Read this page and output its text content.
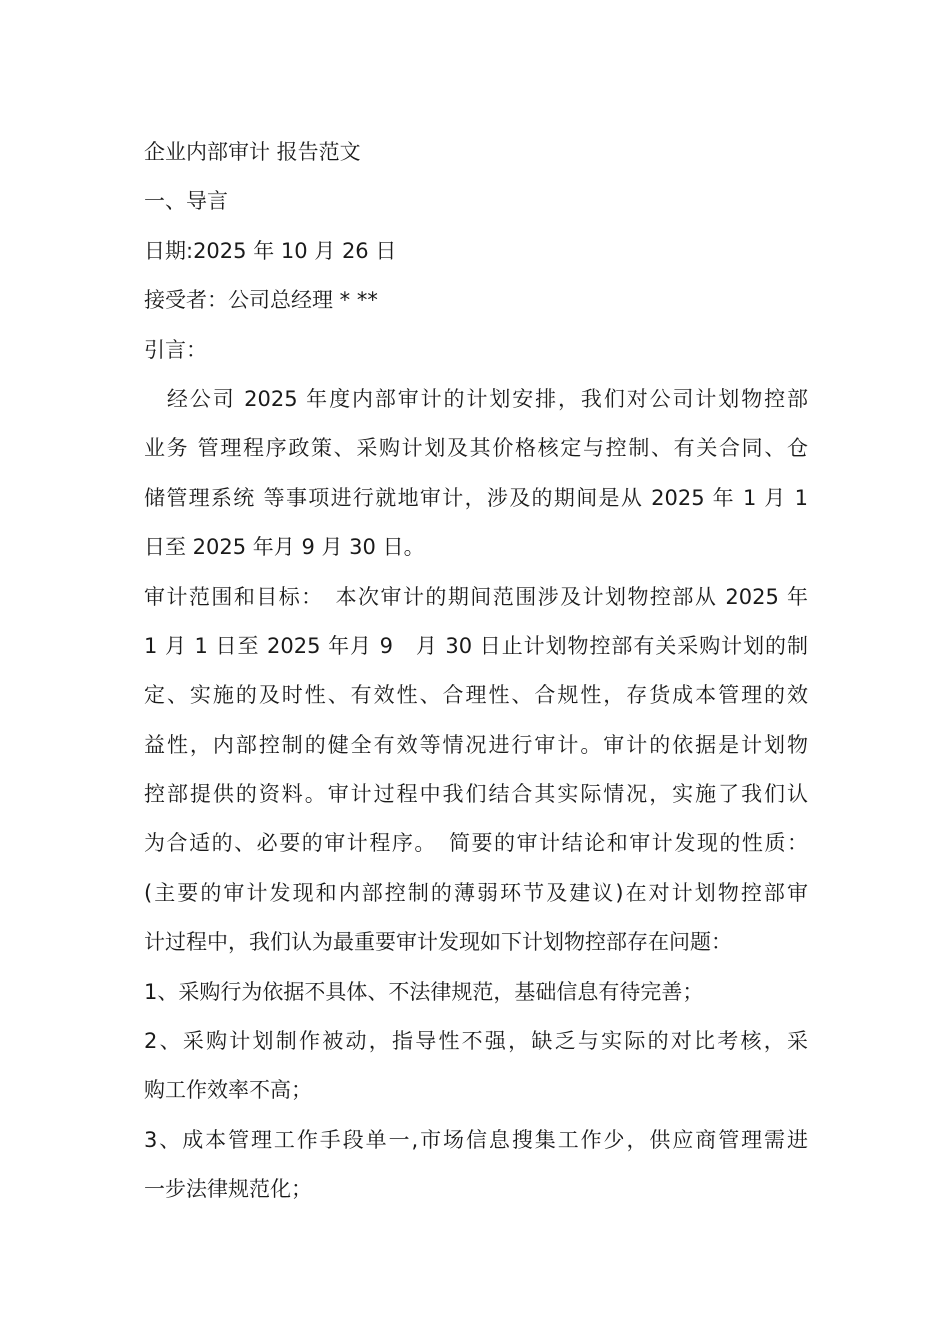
企业内部审计 报告范文
一、导言
日期:2025 年 10 月 26 日
接受者：公司总经理 * **
引言：
　经公司 2025 年度内部审计的计划安排，我们对公司计划物控部
业务 管理程序政策、采购计划及其价格核定与控制、有关合同、仓
储管理系统 等事项进行就地审计，涉及的期间是从 2025 年 1 月 1
日至 2025 年月 9 月 30 日。
审计范围和目标：　本次审计的期间范围涉及计划物控部从 2025 年
1 月 1 日至 2025 年月 9　月 30 日止计划物控部有关采购计划的制
定、实施的及时性、有效性、合理性、合规性，存货成本管理的效
益性，内部控制的健全有效等情况进行审计。审计的依据是计划物
控部提供的资料。审计过程中我们结合其实际情况，实施了我们认
为合适的、必要的审计程序。　简要的审计结论和审计发现的性质：
(主要的审计发现和内部控制的薄弱环节及建议)在对计划物控部审
计过程中，我们认为最重要审计发现如下计划物控部存在问题：
1、采购行为依据不具体、不法律规范，基础信息有待完善；
2、采购计划制作被动，指导性不强，缺乏与实际的对比考核，采
购工作效率不高；
3、成本管理工作手段单一,市场信息搜集工作少，供应商管理需进
一步法律规范化；
